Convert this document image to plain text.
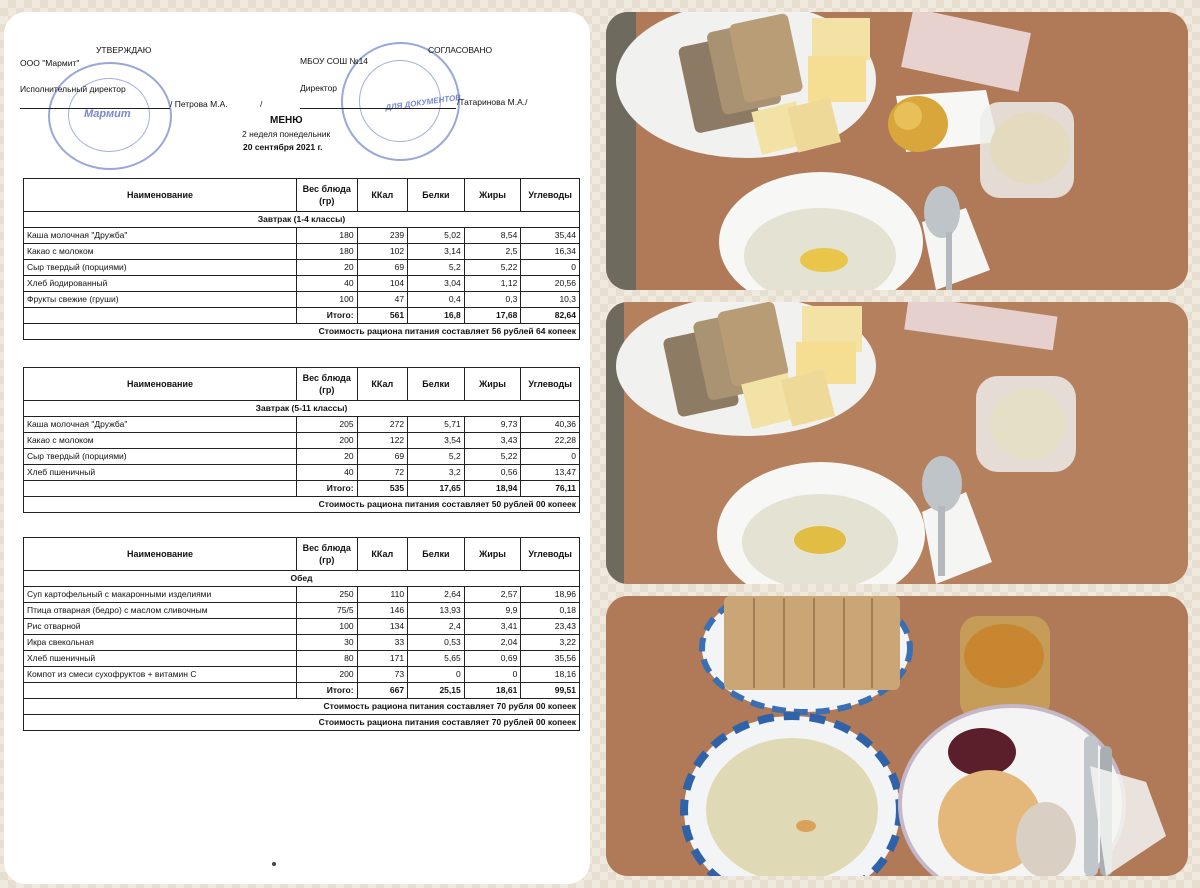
Мармит
ДЛЯ ДОКУМЕНТОВ
ООО "Мармит"
УТВЕРЖДАЮ
Исполнительный директор
/ Петрова М.А.	/
МБОУ СОШ №14
СОГЛАСОВАНО
Директор
/Татаринова М.А./
МЕНЮ
2 неделя понедельник
20 сентября 2021 г.
Наименование	Вес блюда (гр)	ККал	Белки	Жиры	Углеводы
Завтрак (1-4 классы)					
Каша молочная "Дружба"	180	239	5,02	8,54	35,44
Какао с молоком	180	102	3,14	2,5	16,34
Сыр твердый (порциями)	20	69	5,2	5,22	0
Хлеб йодированный	40	104	3,04	1,12	20,56
Фрукты свежие (груши)	100	47	0,4	0,3	10,3
	Итого:	561	16,8	17,68	82,64
Стоимость рациона питания составляет 56 рублей 64 копеек					
Наименование	Вес блюда (гр)	ККал	Белки	Жиры	Углеводы
Завтрак (5-11 классы)					
Каша молочная "Дружба"	205	272	5,71	9,73	40,36
Какао с молоком	200	122	3,54	3,43	22,28
Сыр твердый (порциями)	20	69	5,2	5,22	0
Хлеб пшеничный	40	72	3,2	0,56	13,47
	Итого:	535	17,65	18,94	76,11
Стоимость рациона питания составляет 50 рублей 00 копеек					
Наименование	Вес блюда (гр)	ККал	Белки	Жиры	Углеводы
Обед					
Суп картофельный с макаронными изделиями	250	110	2,64	2,57	18,96
Птица отварная (бедро) с маслом сливочным	75/5	146	13,93	9,9	0,18
Рис отварной	100	134	2,4	3,41	23,43
Икра свекольная	30	33	0,53	2,04	3,22
Хлеб пшеничный	80	171	5,65	0,69	35,56
Компот из смеси сухофруктов + витамин С	200	73	0	0	18,16
	Итого:	667	25,15	18,61	99,51
Стоимость рациона питания составляет 70 рубля 00 копеек					
Стоимость рациона питания составляет 70 рублей 00 копеек					
